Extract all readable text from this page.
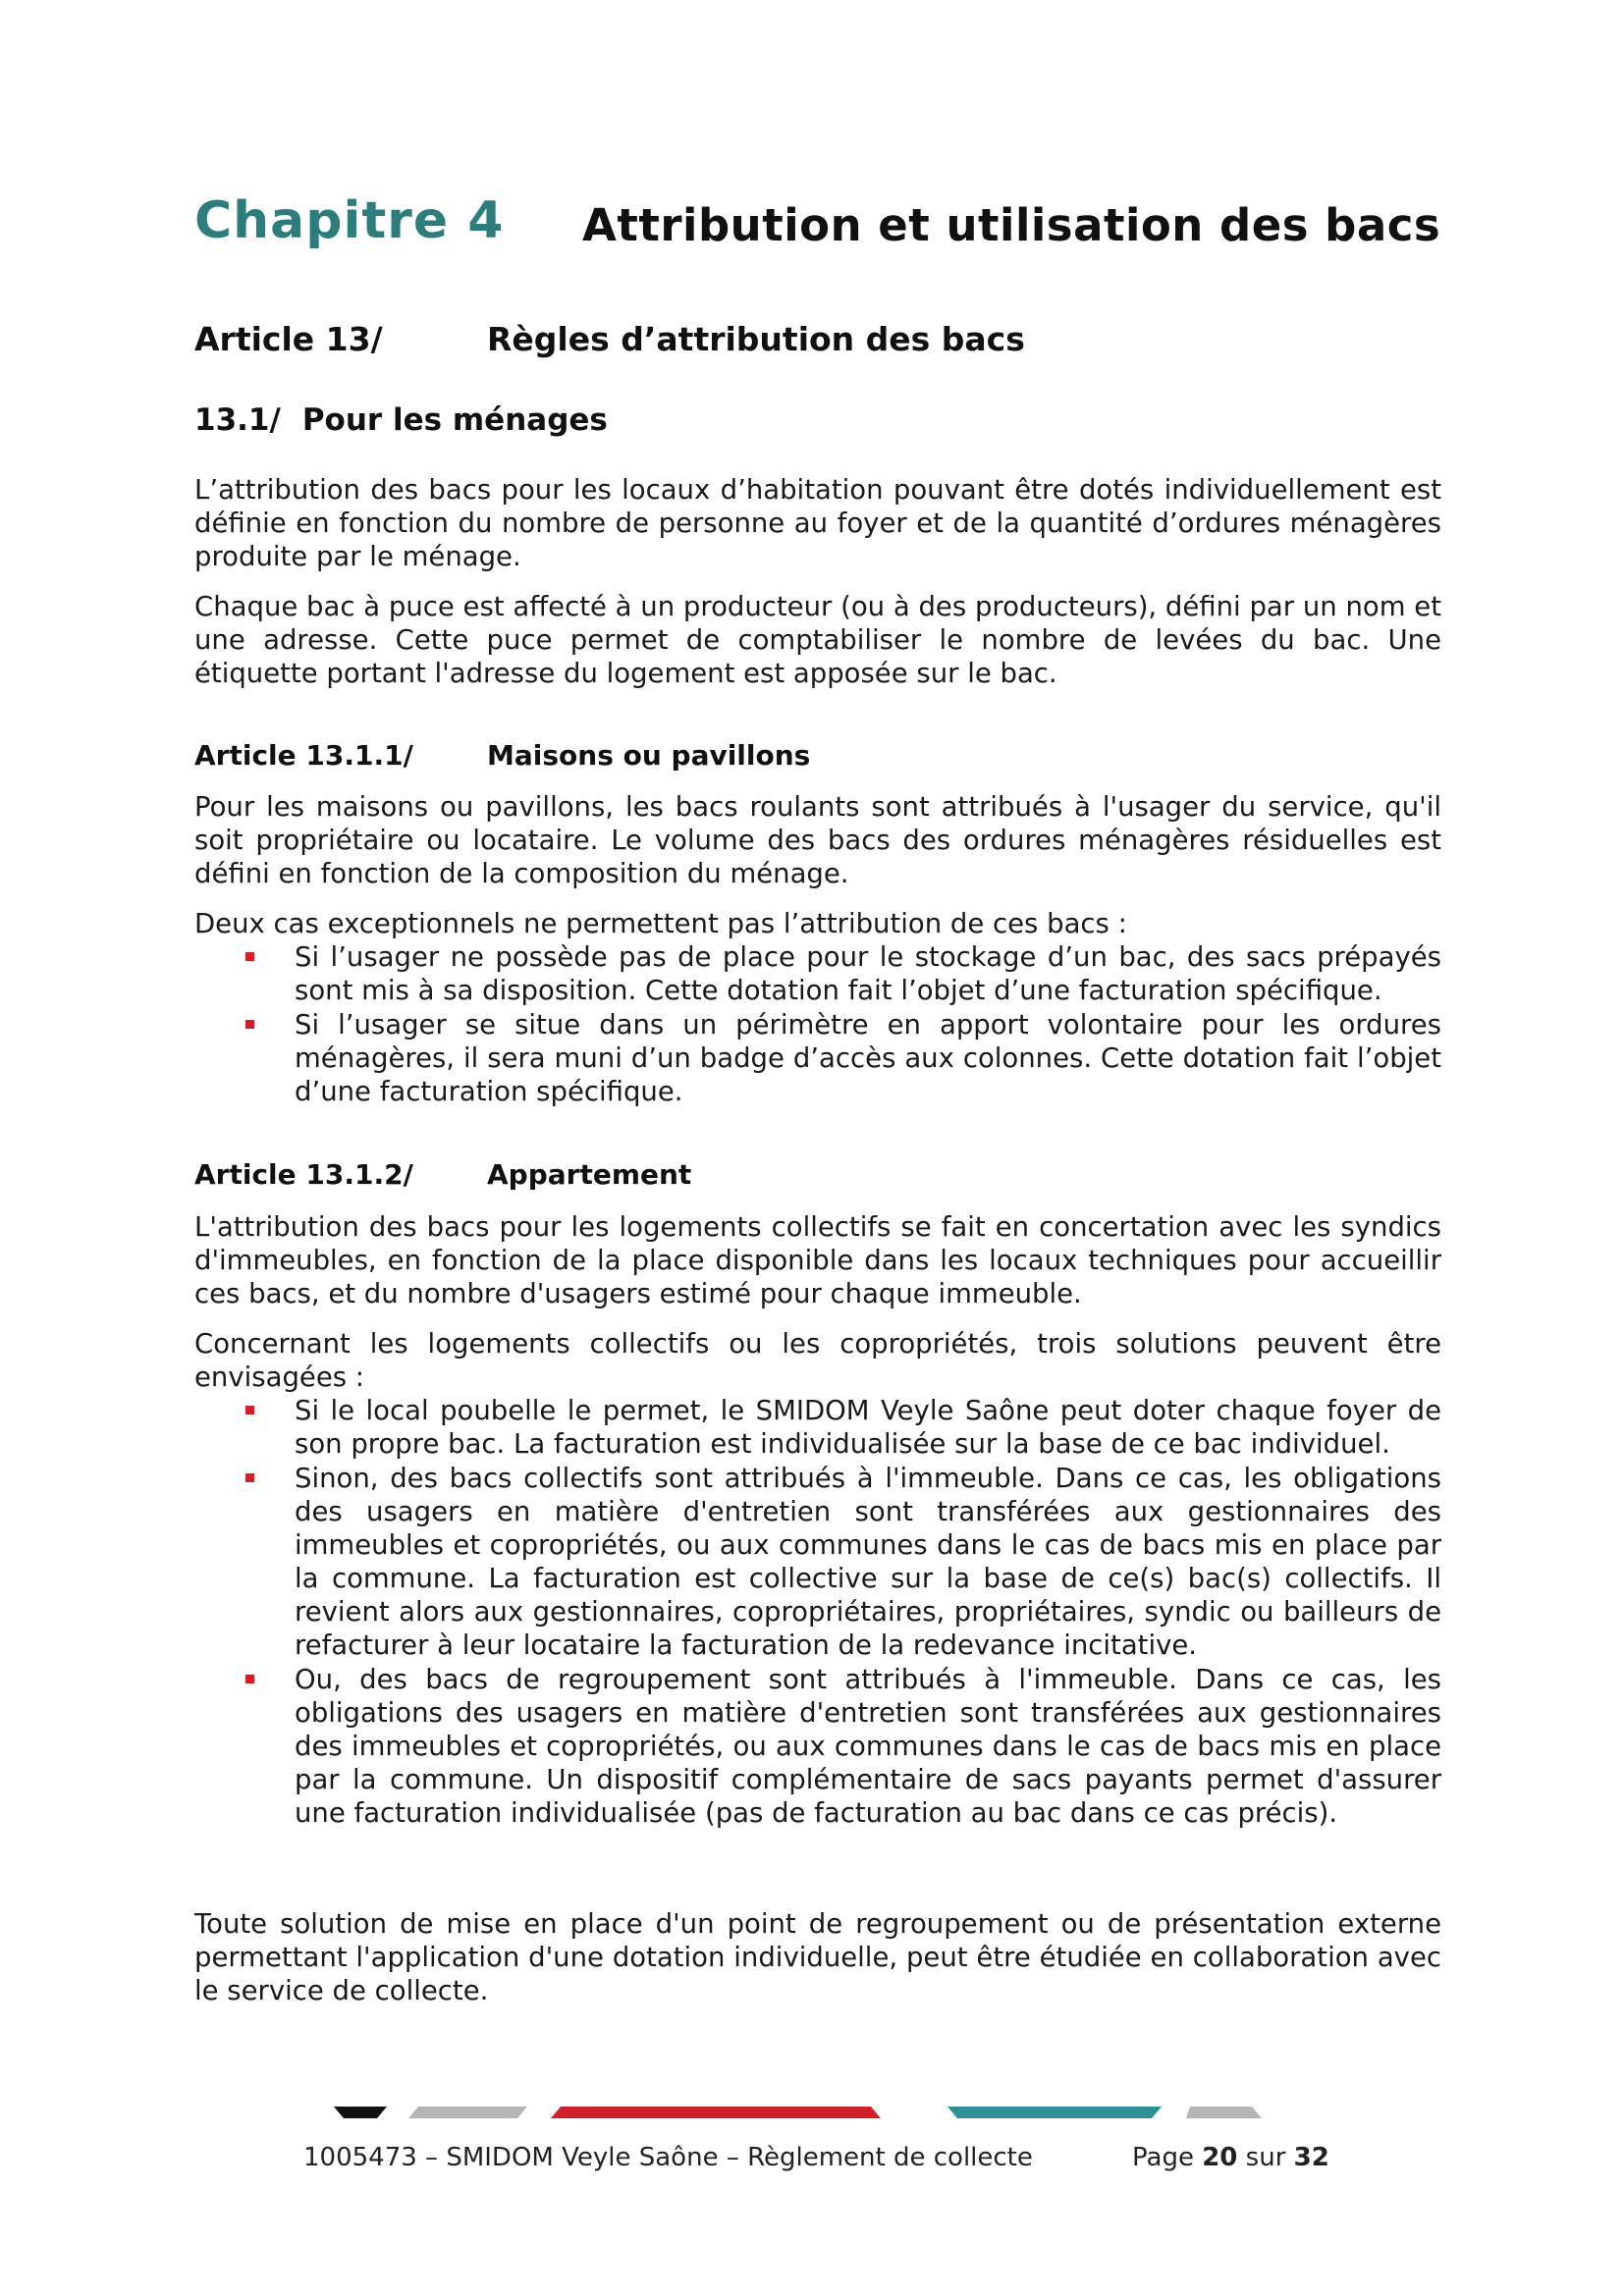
Chapitre 4 Attribution et utilisation des bacs
Article 13/	Règles d’attribution des bacs
13.1/ Pour les ménages

L’attribution des bacs pour les locaux d’habitation pouvant être dotés individuellement est définie en fonction du nombre de personne au foyer et de la quantité d’ordures ménagères produite par le ménage.

Chaque bac à puce est affecté à un producteur (ou à des producteurs), défini par un nom et une adresse. Cette puce permet de comptabiliser le nombre de levées du bac. Une étiquette portant l'adresse du logement est apposée sur le bac.

Article 13.1.1/	Maisons ou pavillons

Pour les maisons ou pavillons, les bacs roulants sont attribués à l'usager du service, qu'il soit propriétaire ou locataire. Le volume des bacs des ordures ménagères résiduelles est défini en fonction de la composition du ménage.

Deux cas exceptionnels ne permettent pas l’attribution de ces bacs :

Si l’usager ne possède pas de place pour le stockage d’un bac, des sacs prépayés sont mis à sa disposition. Cette dotation fait l’objet d’une facturation spécifique.
Si l’usager se situe dans un périmètre en apport volontaire pour les ordures ménagères, il sera muni d’un badge d’accès aux colonnes. Cette dotation fait l’objet d’une facturation spécifique.
Article 13.1.2/	Appartement

L'attribution des bacs pour les logements collectifs se fait en concertation avec les syndics d'immeubles, en fonction de la place disponible dans les locaux techniques pour accueillir ces bacs, et du nombre d'usagers estimé pour chaque immeuble.

Concernant les logements collectifs ou les copropriétés, trois solutions peuvent être envisagées :

Si le local poubelle le permet, le SMIDOM Veyle Saône peut doter chaque foyer de son propre bac. La facturation est individualisée sur la base de ce bac individuel.
Sinon, des bacs collectifs sont attribués à l'immeuble. Dans ce cas, les obligations des usagers en matière d'entretien sont transférées aux gestionnaires des immeubles et copropriétés, ou aux communes dans le cas de bacs mis en place par la commune. La facturation est collective sur la base de ce(s) bac(s) collectifs. Il revient alors aux gestionnaires, copropriétaires, propriétaires, syndic ou bailleurs de refacturer à leur locataire la facturation de la redevance incitative.
Ou, des bacs de regroupement sont attribués à l'immeuble. Dans ce cas, les obligations des usagers en matière d'entretien sont transférées aux gestionnaires des immeubles et copropriétés, ou aux communes dans le cas de bacs mis en place par la commune. Un dispositif complémentaire de sacs payants permet d'assurer une facturation individualisée (pas de facturation au bac dans ce cas précis).

Toute solution de mise en place d'un point de regroupement ou de présentation externe permettant l'application d'une dotation individuelle, peut être étudiée en collaboration avec le service de collecte.

1005473 – SMIDOM Veyle Saône – Règlement de collecte	Page 20 sur 32
